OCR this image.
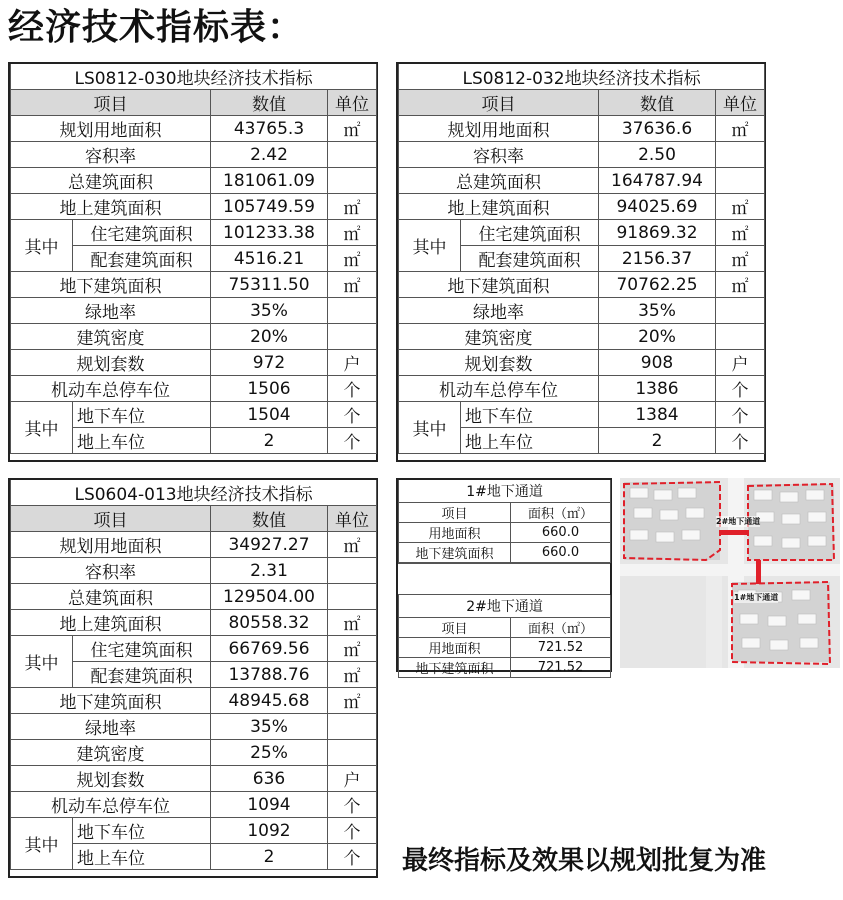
经济技术指标表：
LS0812-030地块经济技术指标			
项目		数值	单位
规划用地面积		43765.3	㎡
容积率		2.42	
总建筑面积		181061.09	
地上建筑面积		105749.59	㎡
其中	住宅建筑面积	101233.38	㎡
	配套建筑面积	4516.21	㎡
地下建筑面积		75311.50	㎡
绿地率		35%	
建筑密度		20%	
规划套数		972	户
机动车总停车位		1506	个
其中	地下车位	1504	个
	地上车位	2	个
LS0812-032地块经济技术指标			
项目		数值	单位
规划用地面积		37636.6	㎡
容积率		2.50	
总建筑面积		164787.94	
地上建筑面积		94025.69	㎡
其中	住宅建筑面积	91869.32	㎡
	配套建筑面积	2156.37	㎡
地下建筑面积		70762.25	㎡
绿地率		35%	
建筑密度		20%	
规划套数		908	户
机动车总停车位		1386	个
其中	地下车位	1384	个
	地上车位	2	个
LS0604-013地块经济技术指标			
项目		数值	单位
规划用地面积		34927.27	㎡
容积率		2.31	
总建筑面积		129504.00	
地上建筑面积		80558.32	㎡
其中	住宅建筑面积	66769.56	㎡
	配套建筑面积	13788.76	㎡
地下建筑面积		48945.68	㎡
绿地率		35%	
建筑密度		25%	
规划套数		636	户
机动车总停车位		1094	个
其中	地下车位	1092	个
	地上车位	2	个
1#地下通道	
项目	面积（㎡）
用地面积	660.0
地下建筑面积	660.0
2#地下通道	
项目	面积（㎡）
用地面积	721.52
地下建筑面积	721.52
2#地下通道
1#地下通道
最终指标及效果以规划批复为准
